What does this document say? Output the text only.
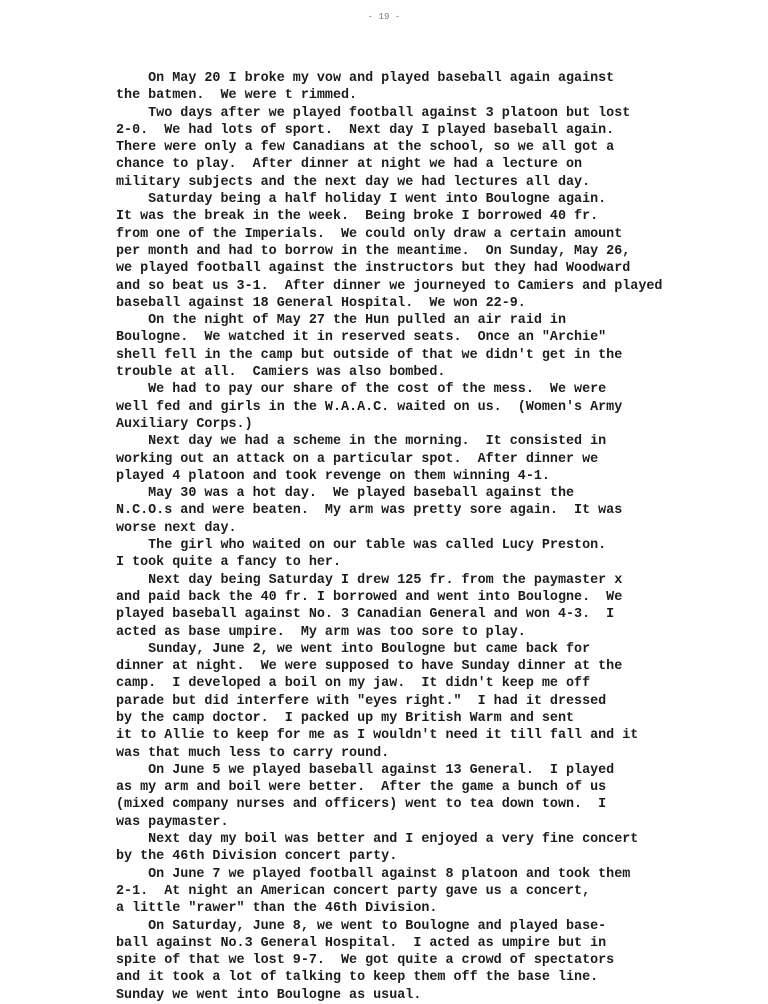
- 19 -
On May 20 I broke my vow and played baseball again against
the batmen.  We were t rimmed.
Two days after we played football against 3 platoon but lost
2-0.  We had lots of sport.  Next day I played baseball again.
There were only a few Canadians at the school, so we all got a
chance to play.  After dinner at night we had a lecture on
military subjects and the next day we had lectures all day.
Saturday being a half holiday I went into Boulogne again.
It was the break in the week.  Being broke I borrowed 40 fr.
from one of the Imperials.  We could only draw a certain amount
per month and had to borrow in the meantime.  On Sunday, May 26,
we played football against the instructors but they had Woodward
and so beat us 3-1.  After dinner we journeyed to Camiers and played
baseball against 18 General Hospital.  We won 22-9.
On the night of May 27 the Hun pulled an air raid in
Boulogne.  We watched it in reserved seats.  Once an "Archie"
shell fell in the camp but outside of that we didn't get in the
trouble at all.  Camiers was also bombed.
We had to pay our share of the cost of the mess.  We were
well fed and girls in the W.A.A.C. waited on us.  (Women's Army
Auxiliary Corps.)
Next day we had a scheme in the morning.  It consisted in
working out an attack on a particular spot.  After dinner we
played 4 platoon and took revenge on them winning 4-1.
May 30 was a hot day.  We played baseball against the
N.C.O.s and were beaten.  My arm was pretty sore again.  It was
worse next day.
The girl who waited on our table was called Lucy Preston.
I took quite a fancy to her.
Next day being Saturday I drew 125 fr. from the paymaster x
and paid back the 40 fr. I borrowed and went into Boulogne.  We
played baseball against No. 3 Canadian General and won 4-3.  I
acted as base umpire.  My arm was too sore to play.
Sunday, June 2, we went into Boulogne but came back for
dinner at night.  We were supposed to have Sunday dinner at the
camp.  I developed a boil on my jaw.  It didn't keep me off
parade but did interfere with "eyes right."  I had it dressed
by the camp doctor.  I packed up my British Warm and sent
it to Allie to keep for me as I wouldn't need it till fall and it
was that much less to carry round.
On June 5 we played baseball against 13 General.  I played
as my arm and boil were better.  After the game a bunch of us
(mixed company nurses and officers) went to tea down town.  I
was paymaster.
Next day my boil was better and I enjoyed a very fine concert
by the 46th Division concert party.
On June 7 we played football against 8 platoon and took them
2-1.  At night an American concert party gave us a concert,
a little "rawer" than the 46th Division.
On Saturday, June 8, we went to Boulogne and played base-
ball against No.3 General Hospital.  I acted as umpire but in
spite of that we lost 9-7.  We got quite a crowd of spectators
and it took a lot of talking to keep them off the base line.
Sunday we went into Boulogne as usual.
